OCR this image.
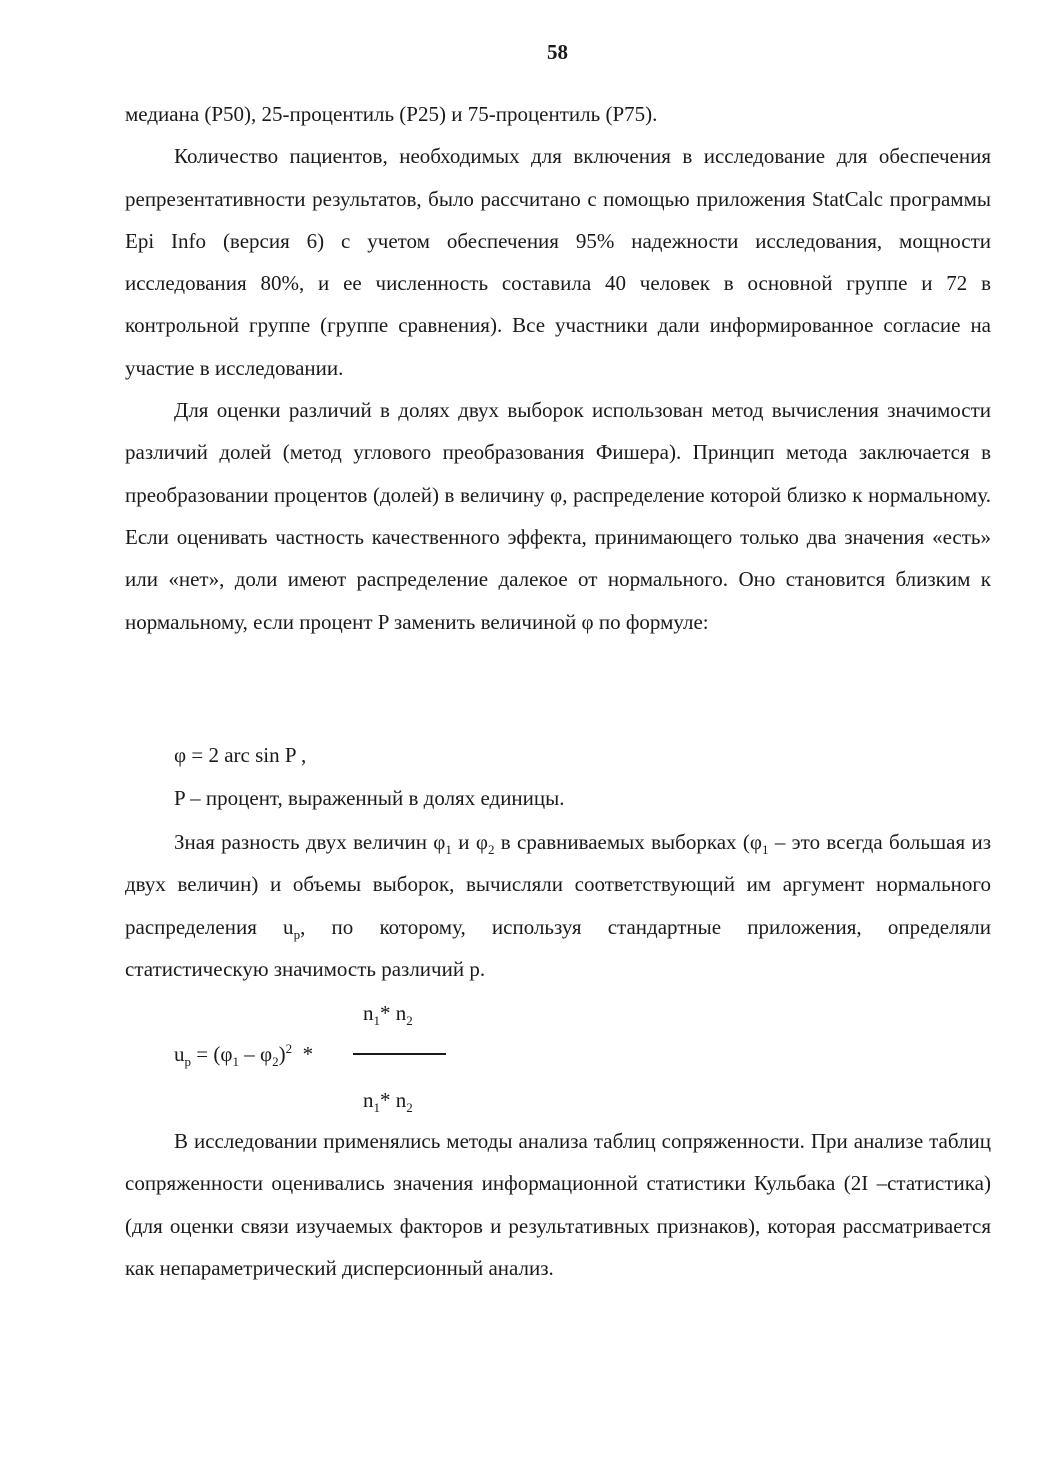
58

медиана (P50), 25-процентиль (P25) и 75-процентиль (P75).

Количество пациентов, необходимых для включения в исследование для обеспечения репрезентативности результатов, было рассчитано с помощью приложения StatCalc программы Epi Info (версия 6) с учетом обеспечения 95% надежности исследования, мощности исследования 80%, и ее численность составила 40 человек в основной группе и 72 в контрольной группе (группе сравнения). Все участники дали информированное согласие на участие в исследовании.

Для оценки различий в долях двух выборок использован метод вычисления значимости различий долей (метод углового преобразования Фишера). Принцип метода заключается в преобразовании процентов (долей) в величину φ, распределение которой близко к нормальному. Если оценивать частность качественного эффекта, принимающего только два значения «есть» или «нет», доли имеют распределение далекое от нормального. Оно становится близким к нормальному, если процент P заменить величиной φ по формуле:

φ = 2 arc sin P ,
P – процент, выраженный в долях единицы.

Зная разность двух величин $\varphi_1$ и $\varphi_2$ в сравниваемых выборках ($\varphi_1$ – это всегда большая из двух величин) и объемы выборок, вычисляли соответствующий им аргумент нормального распределения $u_p$, по которому, используя стандартные приложения, определяли статистическую значимость различий p.

$n_1*$ $n_2$
$u_p = (\varphi_1 - \varphi_2)^2$  *
$n_1*$ $n_2$

В исследовании применялись методы анализа таблиц сопряженности. При анализе таблиц сопряженности оценивались значения информационной статистики Кульбака (2I –статистика) (для оценки связи изучаемых факторов и результативных признаков), которая рассматривается как непараметрический дисперсионный анализ.
